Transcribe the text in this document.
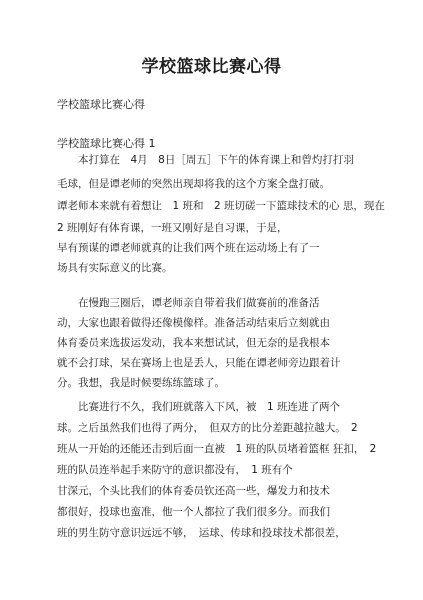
学校篮球比赛心得
学校篮球比赛心得
学校篮球比赛心得 1
　　本打算在　4月　8日［周五］下午的体育课上和曾灼打打羽
毛球，但是谭老师的突然出现却将我的这个方案全盘打破。
谭老师本来就有着想让　1 班和　2 班切磋一下篮球技术的心 思，现在
2 班刚好有体育课，一班又刚好是自习课，于是，
早有预谋的谭老师就真的让我们两个班在运动场上有了一
场具有实际意义的比赛。
　　在慢跑三圈后，谭老师亲自带着我们做赛前的准备活
动，大家也跟着做得还像模像样。准备活动结束后立刻就由
体育委员来选拔运发动，我本来想试试，但无奈的是我根本
就不会打球，呆在赛场上也是丢人，只能在谭老师旁边跟着计
分。我想，我是时候要练练篮球了。
　　比赛进行不久，我们班就落入下风，被　1 班连进了两个
球。之后虽然我们也得了两分，　但双方的比分差距越拉越大。　2
班从一开始的还能还击到后面一直被　1 班的队员堵着篮框 狂扣，　2
班的队员连举起手来防守的意识都没有，　1 班有个
甘深元，个头比我们的体育委员钦还高一些，爆发力和技术
都很好，投球也蛮准，他一个人都拉了我们很多分。而我们
班的男生防守意识远远不够，　运球、传球和投球技术都很差，
